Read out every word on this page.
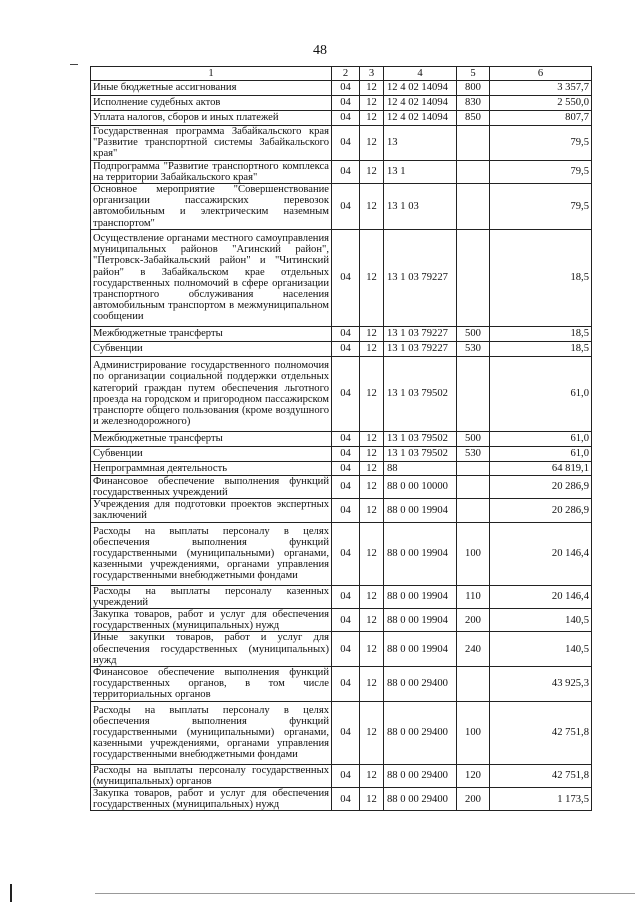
48
1	2	3	4	5	6
Иные бюджетные ассигнования	04	12	12 4 02 14094	800	3 357,7
Исполнение судебных актов	04	12	12 4 02 14094	830	2 550,0
Уплата налогов, сборов и иных платежей	04	12	12 4 02 14094	850	807,7
Государственная программа Забайкальского края "Развитие транспортной системы Забайкальского края"	04	12	13		79,5
Подпрограмма "Развитие транспортного комплекса на территории Забайкальского края"	04	12	13 1		79,5
Основное мероприятие "Совершенствование организации пассажирских перевозок автомобильным и электрическим наземным транспортом"	04	12	13 1 03		79,5
Осуществление органами местного самоуправления муниципальных районов "Агинский район", "Петровск-Забайкальский район" и "Читинский район" в Забайкальском крае отдельных государственных полномочий в сфере организации транспортного обслуживания населения автомобильным транспортом в межмуниципальном сообщении	04	12	13 1 03 79227		18,5
Межбюджетные трансферты	04	12	13 1 03 79227	500	18,5
Субвенции	04	12	13 1 03 79227	530	18,5
Администрирование государственного полномочия по организации социальной поддержки отдельных категорий граждан путем обеспечения льготного проезда на городском и пригородном пассажирском транспорте общего пользования (кроме воздушного и железнодорожного)	04	12	13 1 03 79502		61,0
Межбюджетные трансферты	04	12	13 1 03 79502	500	61,0
Субвенции	04	12	13 1 03 79502	530	61,0
Непрограммная деятельность	04	12	88		64 819,1
Финансовое обеспечение выполнения функций государственных учреждений	04	12	88 0 00 10000		20 286,9
Учреждения для подготовки проектов экспертных заключений	04	12	88 0 00 19904		20 286,9
Расходы на выплаты персоналу в целях обеспечения выполнения функций государственными (муниципальными) органами, казенными учреждениями, органами управления государственными внебюджетными фондами	04	12	88 0 00 19904	100	20 146,4
Расходы на выплаты персоналу казенных учреждений	04	12	88 0 00 19904	110	20 146,4
Закупка товаров, работ и услуг для обеспечения государственных (муниципальных) нужд	04	12	88 0 00 19904	200	140,5
Иные закупки товаров, работ и услуг для обеспечения государственных (муниципальных) нужд	04	12	88 0 00 19904	240	140,5
Финансовое обеспечение выполнения функций государственных органов, в том числе территориальных органов	04	12	88 0 00 29400		43 925,3
Расходы на выплаты персоналу в целях обеспечения выполнения функций государственными (муниципальными) органами, казенными учреждениями, органами управления государственными внебюджетными фондами	04	12	88 0 00 29400	100	42 751,8
Расходы на выплаты персоналу государственных (муниципальных) органов	04	12	88 0 00 29400	120	42 751,8
Закупка товаров, работ и услуг для обеспечения государственных (муниципальных) нужд	04	12	88 0 00 29400	200	1 173,5
